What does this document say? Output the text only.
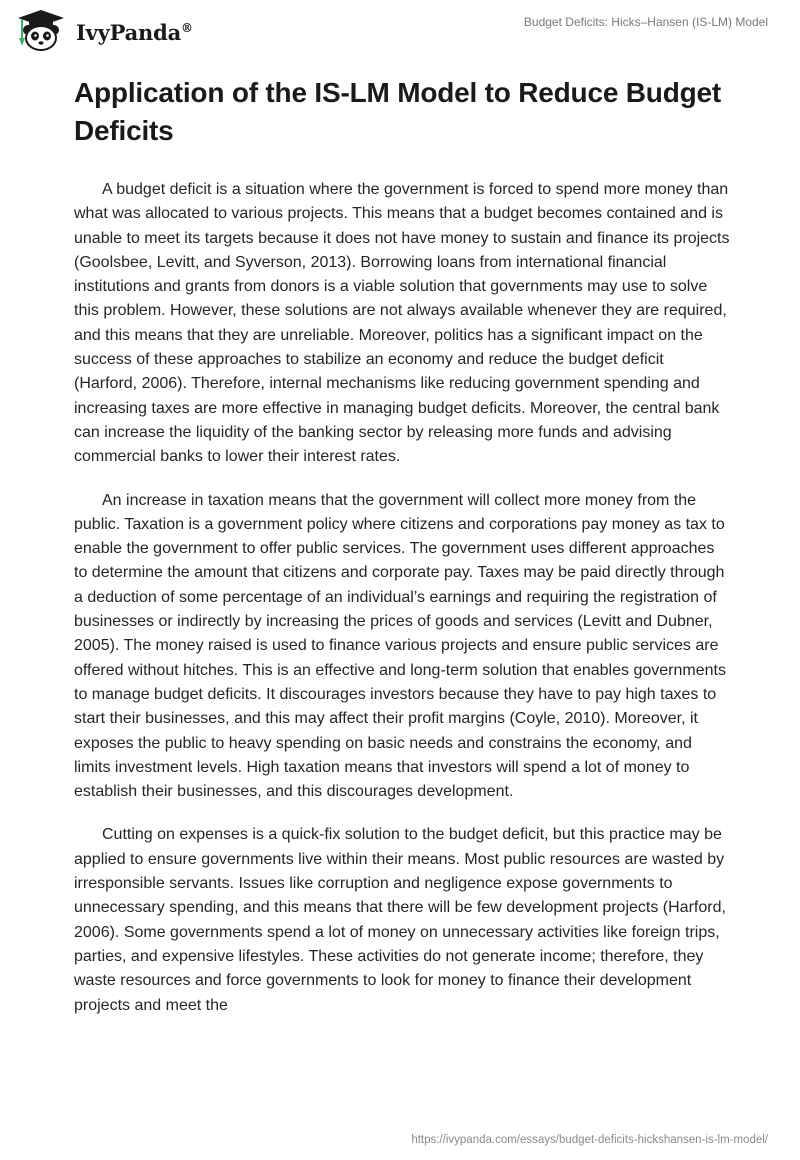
IvyPanda®	Budget Deficits: Hicks–Hansen (IS-LM) Model
Application of the IS-LM Model to Reduce Budget Deficits

A budget deficit is a situation where the government is forced to spend more money than what was allocated to various projects. This means that a budget becomes contained and is unable to meet its targets because it does not have money to sustain and finance its projects (Goolsbee, Levitt, and Syverson, 2013). Borrowing loans from international financial institutions and grants from donors is a viable solution that governments may use to solve this problem. However, these solutions are not always available whenever they are required, and this means that they are unreliable. Moreover, politics has a significant impact on the success of these approaches to stabilize an economy and reduce the budget deficit (Harford, 2006). Therefore, internal mechanisms like reducing government spending and increasing taxes are more effective in managing budget deficits. Moreover, the central bank can increase the liquidity of the banking sector by releasing more funds and advising commercial banks to lower their interest rates.

An increase in taxation means that the government will collect more money from the public. Taxation is a government policy where citizens and corporations pay money as tax to enable the government to offer public services. The government uses different approaches to determine the amount that citizens and corporate pay. Taxes may be paid directly through a deduction of some percentage of an individual’s earnings and requiring the registration of businesses or indirectly by increasing the prices of goods and services (Levitt and Dubner, 2005). The money raised is used to finance various projects and ensure public services are offered without hitches. This is an effective and long-term solution that enables governments to manage budget deficits. It discourages investors because they have to pay high taxes to start their businesses, and this may affect their profit margins (Coyle, 2010). Moreover, it exposes the public to heavy spending on basic needs and constrains the economy, and limits investment levels. High taxation means that investors will spend a lot of money to establish their businesses, and this discourages development.

Cutting on expenses is a quick-fix solution to the budget deficit, but this practice may be applied to ensure governments live within their means. Most public resources are wasted by irresponsible servants. Issues like corruption and negligence expose governments to unnecessary spending, and this means that there will be few development projects (Harford, 2006). Some governments spend a lot of money on unnecessary activities like foreign trips, parties, and expensive lifestyles. These activities do not generate income; therefore, they waste resources and force governments to look for money to finance their development projects and meet the

https://ivypanda.com/essays/budget-deficits-hickshansen-is-lm-model/
